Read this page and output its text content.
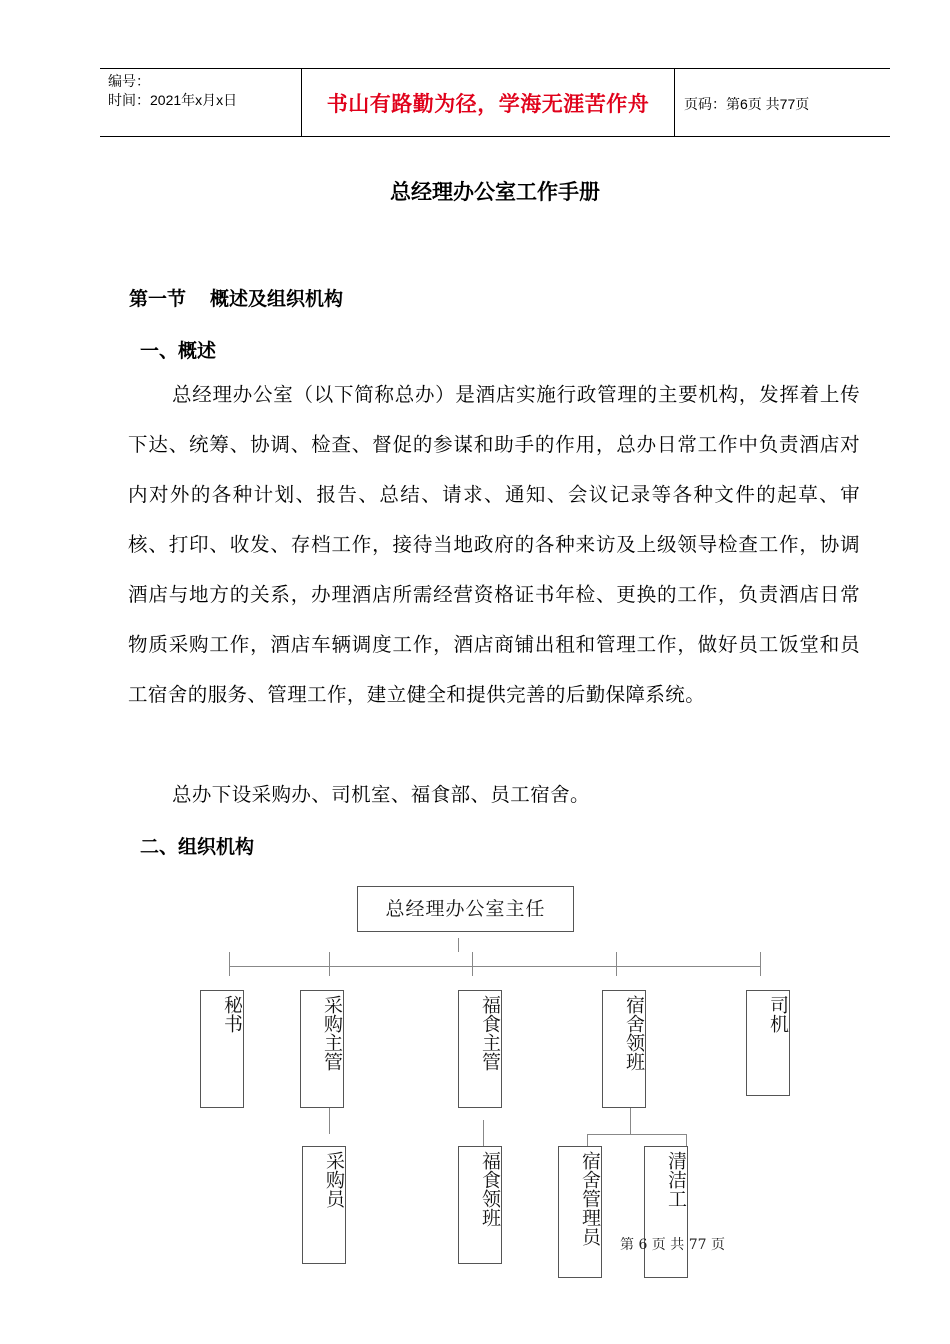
编号：
时间：2021年x月x日	书山有路勤为径，学海无涯苦作舟	页码：第6页 共77页
总经理办公室工作手册
第一节 概述及组织机构
一、概述

总经理办公室（以下简称总办）是酒店实施行政管理的主要机构，发挥着上传下达、统筹、协调、检查、督促的参谋和助手的作用，总办日常工作中负责酒店对内对外的各种计划、报告、总结、请求、通知、会议记录等各种文件的起草、审核、打印、收发、存档工作，接待当地政府的各种来访及上级领导检查工作，协调酒店与地方的关系，办理酒店所需经营资格证书年检、更换的工作，负责酒店日常物质采购工作，酒店车辆调度工作，酒店商铺出租和管理工作，做好员工饭堂和员工宿舍的服务、管理工作，建立健全和提供完善的后勤保障系统。

总办下设采购办、司机室、福食部、员工宿舍。

二、组织机构
总经理办公室主任
秘书	采购主管	福食主管	宿舍领班	司机
采购员	福食领班	宿舍管理员	清洁工
第 6 页 共 77 页
